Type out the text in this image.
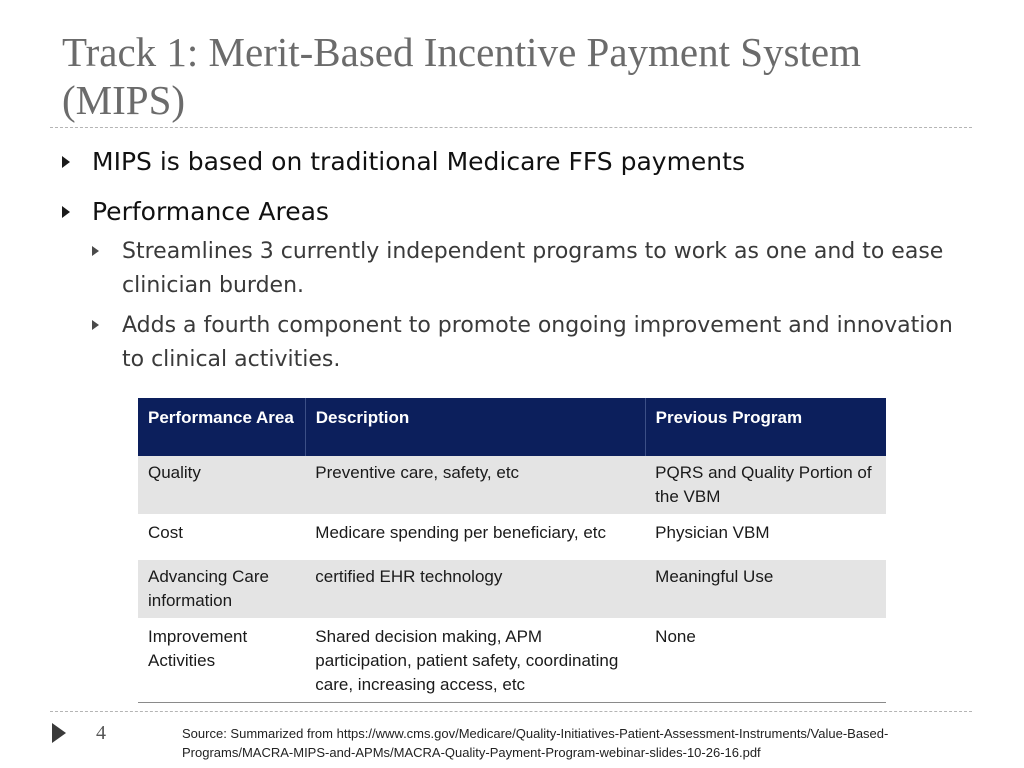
Track 1: Merit-Based Incentive Payment System (MIPS)
MIPS is based on traditional Medicare FFS payments
Performance Areas
Streamlines 3 currently independent programs to work as one and to ease clinician burden.
Adds a fourth component to promote ongoing improvement and innovation to clinical activities.
Performance Area	Description	Previous Program
Quality	Preventive care, safety, etc	PQRS and Quality Portion of the VBM
Cost	Medicare spending per beneficiary, etc	Physician VBM
Advancing Care information	certified EHR technology	Meaningful Use
Improvement Activities	Shared decision making, APM participation, patient safety, coordinating care, increasing access, etc	None
4	Source: Summarized from https://www.cms.gov/Medicare/Quality-Initiatives-Patient-Assessment-Instruments/Value-Based-Programs/MACRA-MIPS-and-APMs/MACRA-Quality-Payment-Program-webinar-slides-10-26-16.pdf
